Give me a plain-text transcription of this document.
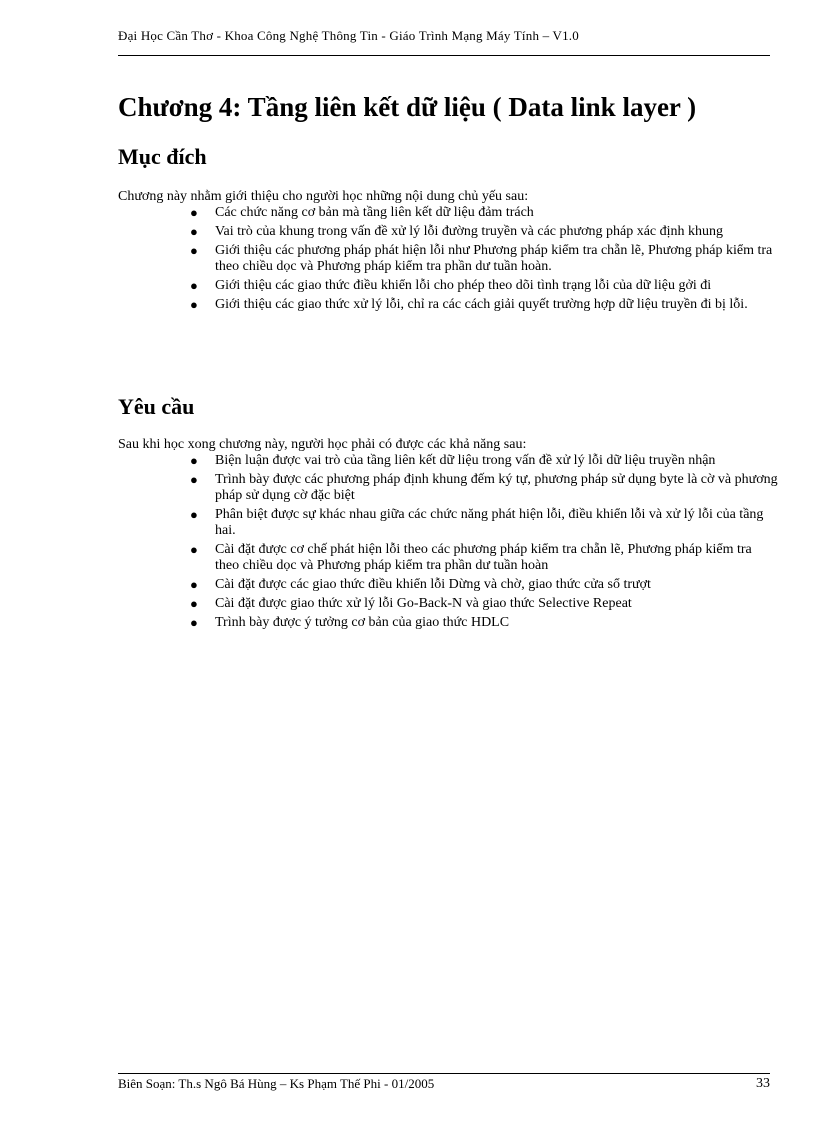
Đại Học Cần Thơ - Khoa Công Nghệ Thông Tin - Giáo Trình Mạng Máy Tính – V1.0
Chương 4: Tầng liên kết dữ liệu ( Data link layer )
Mục đích

Chương này nhằm giới thiệu cho người học những nội dung chủ yếu sau:

● Các chức năng cơ bản mà tầng liên kết dữ liệu đảm trách
● Vai trò của khung trong vấn đề xử lý lỗi đường truyền và các phương pháp xác định khung
● Giới thiệu các phương pháp phát hiện lỗi như Phương pháp kiểm tra chẵn lẽ, Phương pháp kiểm tra theo chiều dọc và Phương pháp kiểm tra phần dư tuần hoàn.
● Giới thiệu các giao thức điều khiển lỗi cho phép theo dõi tình trạng lỗi của dữ liệu gởi đi
● Giới thiệu các giao thức xử lý lỗi, chỉ ra các cách giải quyết trường hợp dữ liệu truyền đi bị lỗi.
Yêu cầu

Sau khi học xong chương này, người học phải có được các khả năng sau:

● Biện luận được vai trò của tầng liên kết dữ liệu trong vấn đề xử lý lỗi dữ liệu truyền nhận
● Trình bày được các phương pháp định khung đếm ký tự, phương pháp sử dụng byte là cờ và phương pháp sử dụng cờ đặc biệt
● Phân biệt được sự khác nhau giữa các chức năng phát hiện lỗi, điều khiển lỗi và xử lý lỗi của tầng hai.
● Cài đặt được cơ chế phát hiện lỗi theo các phương pháp kiểm tra chẵn lẽ, Phương pháp kiểm tra theo chiều dọc và Phương pháp kiểm tra phần dư tuần hoàn
● Cài đặt được các giao thức điều khiển lỗi Dừng và chờ, giao thức cửa sổ trượt
● Cài đặt được giao thức xử lý lỗi Go-Back-N và giao thức Selective Repeat
● Trình bày được ý tưởng cơ bản của giao thức HDLC
Biên Soạn: Th.s Ngô Bá Hùng – Ks Phạm Thế Phi - 01/2005	33
